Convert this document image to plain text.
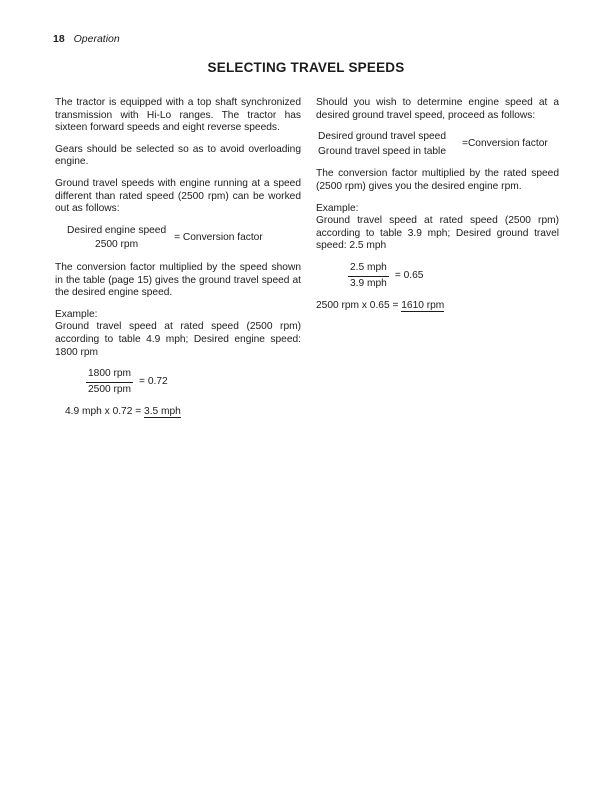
18 Operation
SELECTING TRAVEL SPEEDS

The tractor is equipped with a top shaft synchronized transmission with Hi-Lo ranges. The tractor has sixteen forward speeds and eight reverse speeds.

Gears should be selected so as to avoid overloading engine.

Ground travel speeds with engine running at a speed different than rated speed (2500 rpm) can be worked out as follows:

Desired engine speed
2500 rpm
= Conversion factor

The conversion factor multiplied by the speed shown in the table (page 15) gives the ground travel speed at the desired engine speed.

Example:

Ground travel speed at rated speed (2500 rpm) according to table 4.9 mph; Desired engine speed: 1800 rpm

$\frac{\text{1800 rpm}}{\text{2500 rpm}} = 0.72$
4.9 mph x 0.72 = 3.5 mph

Should you wish to determine engine speed at a desired ground travel speed, proceed as follows:

Desired ground travel speed
Ground travel speed in table
=Conversion factor

The conversion factor multiplied by the rated speed (2500 rpm) gives you the desired engine rpm.

Example:

Ground travel speed at rated speed (2500 rpm) according to table 3.9 mph; Desired ground travel speed: 2.5 mph

$\frac{\text{2.5 mph}}{\text{3.9 mph}} = 0.65$
2500 rpm x 0.65 = 1610 rpm
